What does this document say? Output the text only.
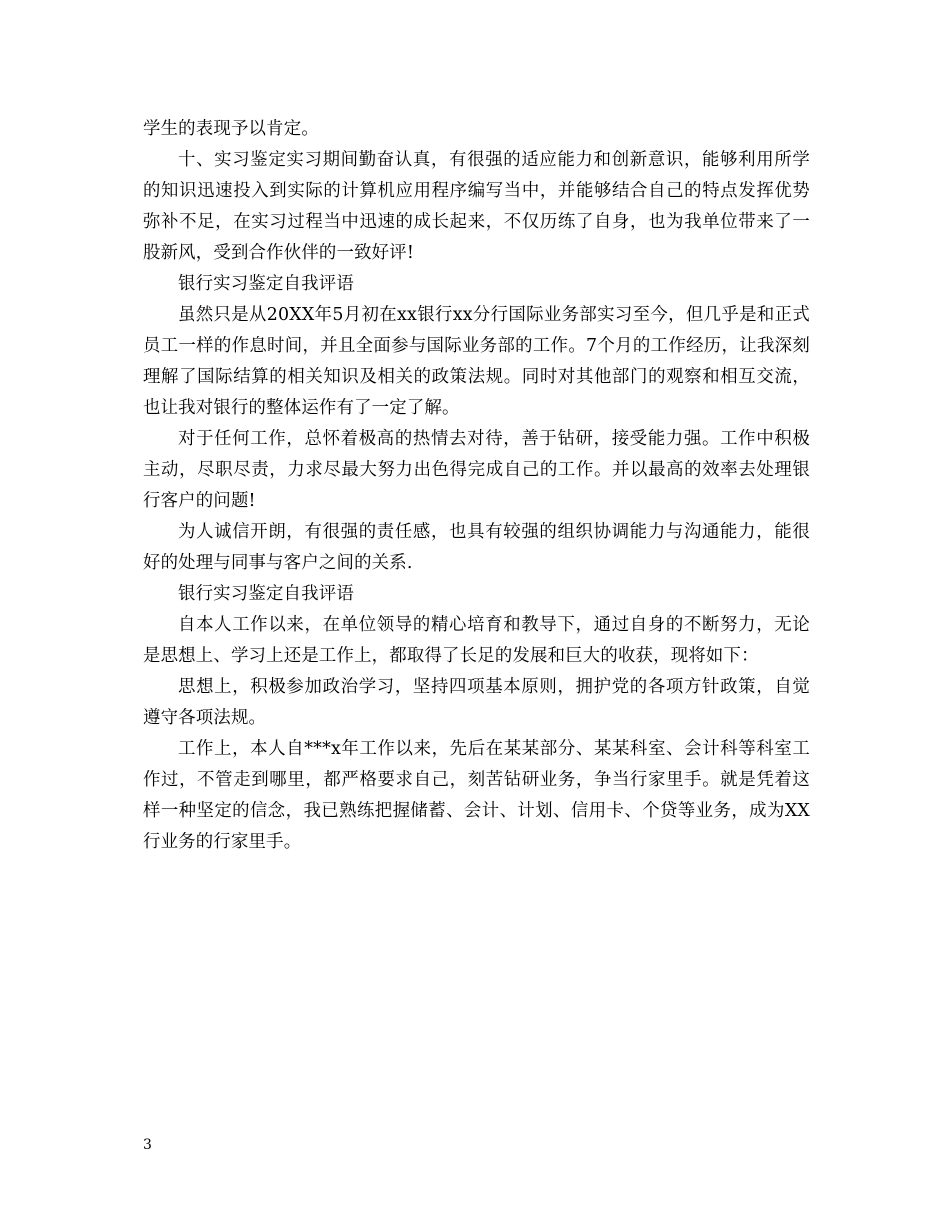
学生的表现予以肯定。

十、实习鉴定实习期间勤奋认真，有很强的适应能力和创新意识，能够利用所学的知识迅速投入到实际的计算机应用程序编写当中，并能够结合自己的特点发挥优势弥补不足，在实习过程当中迅速的成长起来，不仅历练了自身，也为我单位带来了一股新风，受到合作伙伴的一致好评!

银行实习鉴定自我评语

虽然只是从20XX年5月初在xx银行xx分行国际业务部实习至今，但几乎是和正式员工一样的作息时间，并且全面参与国际业务部的工作。7个月的工作经历，让我深刻理解了国际结算的相关知识及相关的政策法规。同时对其他部门的观察和相互交流，也让我对银行的整体运作有了一定了解。

对于任何工作，总怀着极高的热情去对待，善于钻研，接受能力强。工作中积极主动，尽职尽责，力求尽最大努力出色得完成自己的工作。并以最高的效率去处理银行客户的问题!

为人诚信开朗，有很强的责任感，也具有较强的组织协调能力与沟通能力，能很好的处理与同事与客户之间的关系.

银行实习鉴定自我评语

自本人工作以来，在单位领导的精心培育和教导下，通过自身的不断努力，无论是思想上、学习上还是工作上，都取得了长足的发展和巨大的收获，现将如下：

思想上，积极参加政治学习，坚持四项基本原则，拥护党的各项方针政策，自觉遵守各项法规。

工作上，本人自***x年工作以来，先后在某某部分、某某科室、会计科等科室工作过，不管走到哪里，都严格要求自己，刻苦钻研业务，争当行家里手。就是凭着这样一种坚定的信念，我已熟练把握储蓄、会计、计划、信用卡、个贷等业务，成为XX行业务的行家里手。

3
